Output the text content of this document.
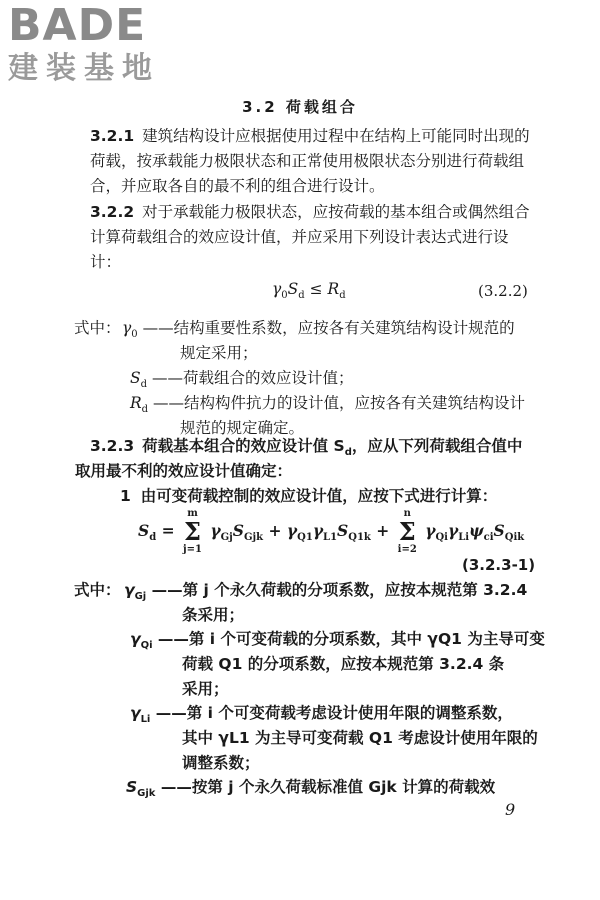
BADE
建装基地
3.2 荷载组合
3.2.1 建筑结构设计应根据使用过程中在结构上可能同时出现的荷载，按承载能力极限状态和正常使用极限状态分别进行荷载组合，并应取各自的最不利的组合进行设计。
3.2.2 对于承载能力极限状态，应按荷载的基本组合或偶然组合计算荷载组合的效应设计值，并应采用下列设计表达式进行设计：
$\gamma_0S_d \le R_d$	(3.2.2)
式中： $\gamma_0$ ——结构重要性系数，应按各有关建筑结构设计规范的
规定采用；
$S_d$ ——荷载组合的效应设计值；
$R_d$ ——结构构件抗力的设计值，应按各有关建筑结构设计
规范的规定确定。
3.2.3 荷载基本组合的效应设计值 $S_d$，应从下列荷载组合值中
取用最不利的效应设计值确定：
1 由可变荷载控制的效应设计值，应按下式进行计算：
$S_d$ =
m
Σ
j=1
$\gamma_{Gj}S_{Gjk} + \gamma_{Q1}\gamma_{L1}S_{Q1k}$ +
n
Σ
i=2
$\gamma_{Qi}\gamma_{Li}\psi_{ci}S_{Qik}$
(3.2.3-1)
式中： $\gamma_{Gj}$ ——第 j 个永久荷载的分项系数，应按本规范第 3.2.4
条采用；
$\gamma_{Qi}$ ——第 i 个可变荷载的分项系数，其中 γQ1 为主导可变
荷载 Q1 的分项系数，应按本规范第 3.2.4 条
采用；
$\gamma_{Li}$ ——第 i 个可变荷载考虑设计使用年限的调整系数，
其中 γL1 为主导可变荷载 Q1 考虑设计使用年限的
调整系数；
$S_{Gjk}$ ——按第 j 个永久荷载标准值 Gjk 计算的荷载效
9
